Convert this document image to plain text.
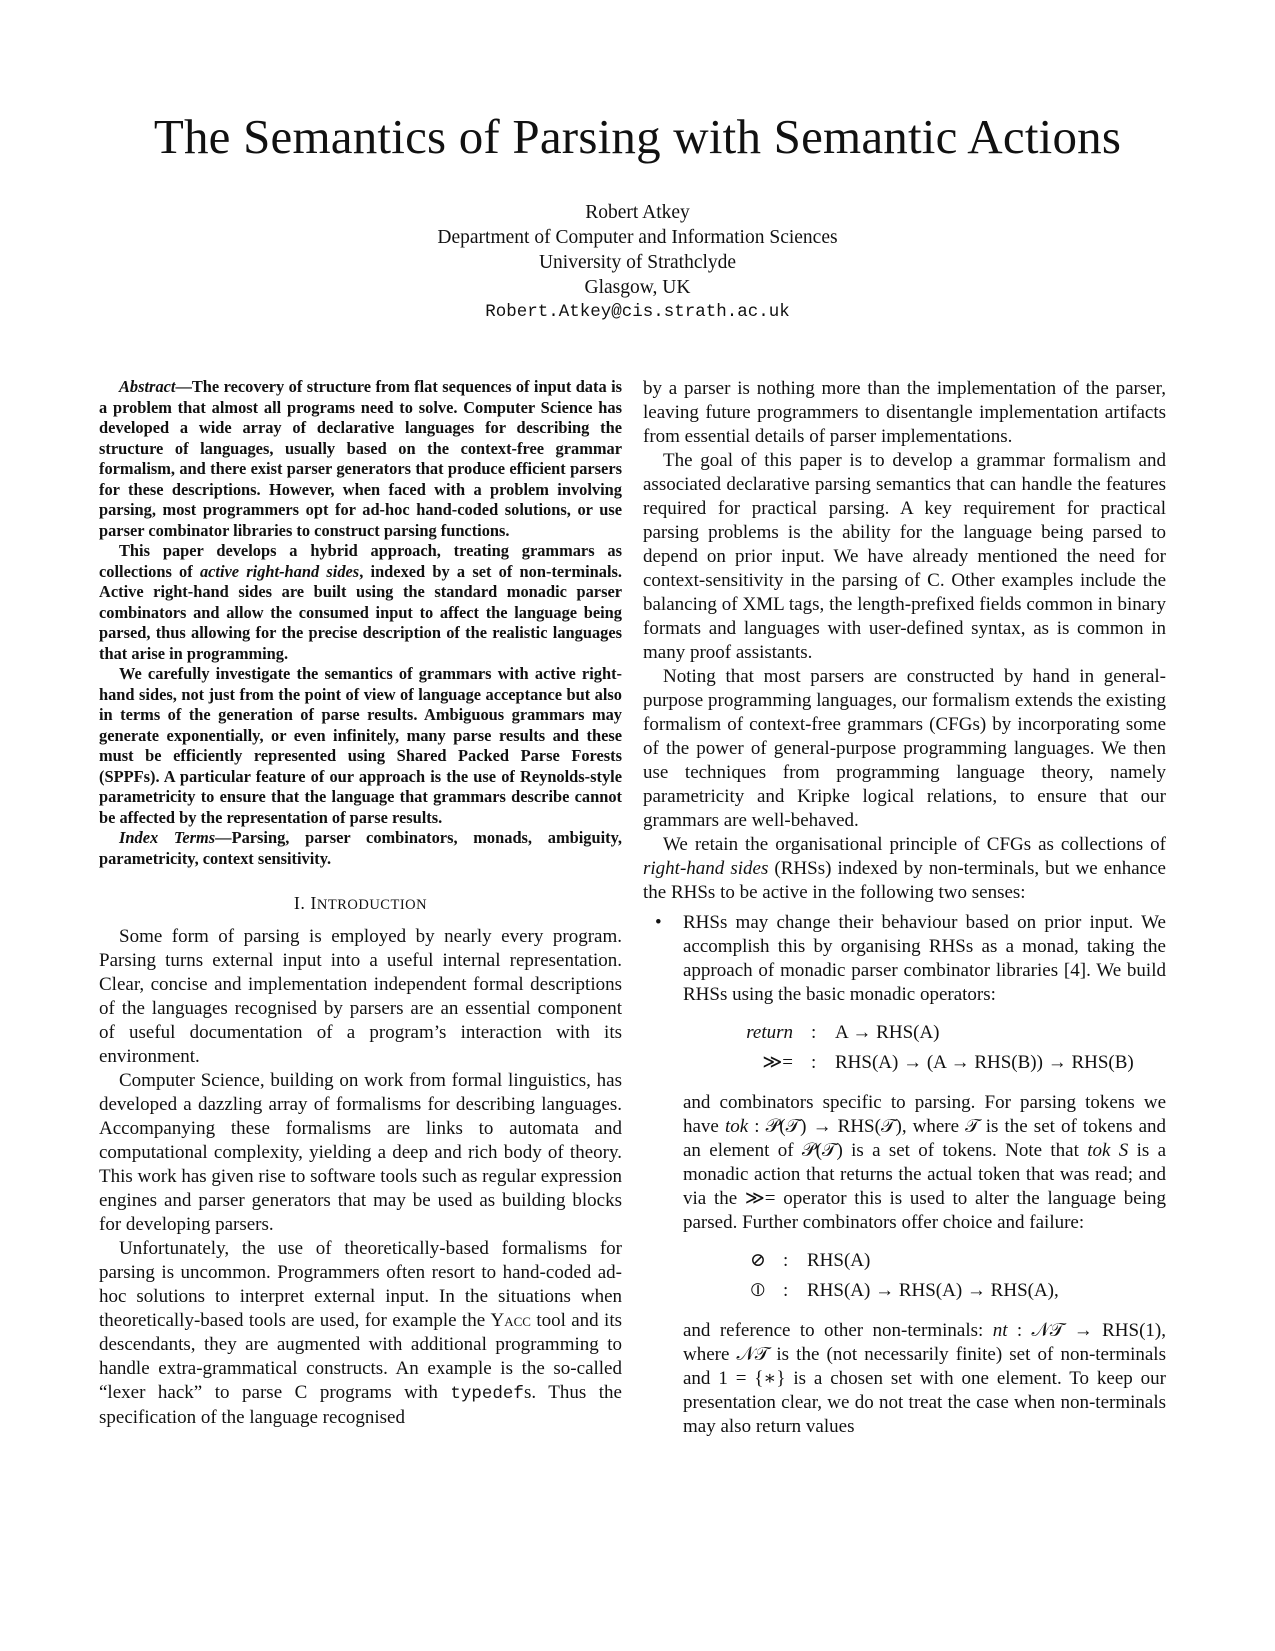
The Semantics of Parsing with Semantic Actions
Robert Atkey
Department of Computer and Information Sciences
University of Strathclyde
Glasgow, UK
Robert.Atkey@cis.strath.ac.uk

Abstract—The recovery of structure from flat sequences of input data is a problem that almost all programs need to solve. Computer Science has developed a wide array of declarative languages for describing the structure of languages, usually based on the context-free grammar formalism, and there exist parser generators that produce efficient parsers for these descriptions. However, when faced with a problem involving parsing, most programmers opt for ad-hoc hand-coded solutions, or use parser combinator libraries to construct parsing functions.

This paper develops a hybrid approach, treating grammars as collections of active right-hand sides, indexed by a set of non-terminals. Active right-hand sides are built using the standard monadic parser combinators and allow the consumed input to affect the language being parsed, thus allowing for the precise description of the realistic languages that arise in programming.

We carefully investigate the semantics of grammars with active right-hand sides, not just from the point of view of language acceptance but also in terms of the generation of parse results. Ambiguous grammars may generate exponentially, or even infinitely, many parse results and these must be efficiently represented using Shared Packed Parse Forests (SPPFs). A particular feature of our approach is the use of Reynolds-style parametricity to ensure that the language that grammars describe cannot be affected by the representation of parse results.

Index Terms—Parsing, parser combinators, monads, ambiguity, parametricity, context sensitivity.

I. INTRODUCTION

Some form of parsing is employed by nearly every program. Parsing turns external input into a useful internal representation. Clear, concise and implementation independent formal descriptions of the languages recognised by parsers are an essential component of useful documentation of a program’s interaction with its environment.

Computer Science, building on work from formal linguistics, has developed a dazzling array of formalisms for describing languages. Accompanying these formalisms are links to automata and computational complexity, yielding a deep and rich body of theory. This work has given rise to software tools such as regular expression engines and parser generators that may be used as building blocks for developing parsers.

Unfortunately, the use of theoretically-based formalisms for parsing is uncommon. Programmers often resort to hand-coded ad-hoc solutions to interpret external input. In the situations when theoretically-based tools are used, for example the Yacc tool and its descendants, they are augmented with additional programming to handle extra-grammatical constructs. An example is the so-called “lexer hack” to parse C programs with typedefs. Thus the specification of the language recognised

by a parser is nothing more than the implementation of the parser, leaving future programmers to disentangle implementation artifacts from essential details of parser implementations.

The goal of this paper is to develop a grammar formalism and associated declarative parsing semantics that can handle the features required for practical parsing. A key requirement for practical parsing problems is the ability for the language being parsed to depend on prior input. We have already mentioned the need for context-sensitivity in the parsing of C. Other examples include the balancing of XML tags, the length-prefixed fields common in binary formats and languages with user-defined syntax, as is common in many proof assistants.

Noting that most parsers are constructed by hand in general-purpose programming languages, our formalism extends the existing formalism of context-free grammars (CFGs) by incorporating some of the power of general-purpose programming languages. We then use techniques from programming language theory, namely parametricity and Kripke logical relations, to ensure that our grammars are well-behaved.

We retain the organisational principle of CFGs as collections of right-hand sides (RHSs) indexed by non-terminals, but we enhance the RHSs to be active in the following two senses:

• RHSs may change their behaviour based on prior input. We accomplish this by organising RHSs as a monad, taking the approach of monadic parser combinator libraries [4]. We build RHSs using the basic monadic operators:

return : A → RHS(A)
≫= : RHS(A) → (A → RHS(B)) → RHS(B)

and combinators specific to parsing. For parsing tokens we have tok : 𝒫(𝒯) → RHS(𝒯), where 𝒯 is the set of tokens and an element of 𝒫(𝒯) is a set of tokens. Note that tok S is a monadic action that returns the actual token that was read; and via the ≫= operator this is used to alter the language being parsed. Further combinators offer choice and failure:

⊘ : RHS(A)
⦶ : RHS(A) → RHS(A) → RHS(A),

and reference to other non-terminals: nt : 𝒩𝒯 → RHS(1), where 𝒩𝒯 is the (not necessarily finite) set of non-terminals and 1 = {∗} is a chosen set with one element. To keep our presentation clear, we do not treat the case when non-terminals may also return values
